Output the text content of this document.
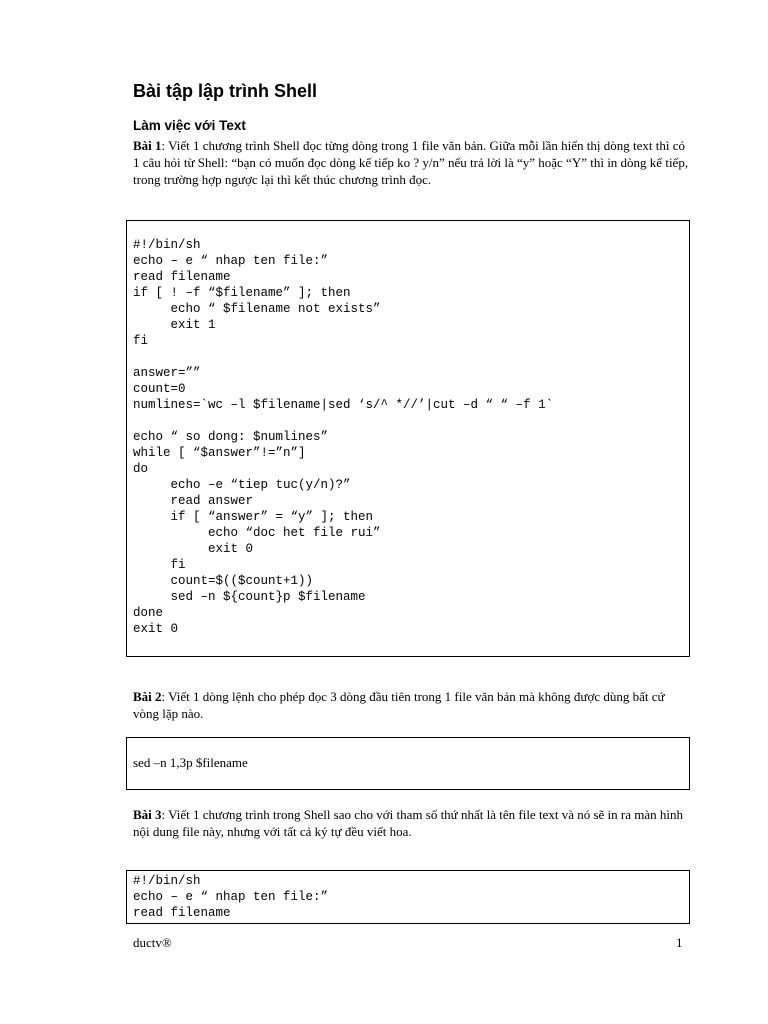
Bài tập lập trình Shell
Làm việc với Text

Bài 1: Viết 1 chương trình Shell đọc từng dòng trong 1 file văn bản. Giữa mỗi lần hiển thị dòng text thì có 1 câu hỏi từ Shell: “bạn có muốn đọc dòng kế tiếp ko ? y/n” nếu trả lời là “y” hoặc “Y” thì in dòng kế tiếp, trong trường hợp ngược lại thì kết thúc chương trình đọc.

#!/bin/sh
echo – e “ nhap ten file:”
read filename
if [ ! –f “$filename” ]; then
echo “ $filename not exists”
exit 1
fi

answer=””
count=0
numlines=`wc –l $filename|sed ‘s/^ *//’|cut –d “ “ –f 1`

echo “ so dong: $numlines”
while [ “$answer”!=”n”]
do
echo –e “tiep tuc(y/n)?”
read answer
if [ “answer” = “y” ]; then
echo “doc het file rui”
exit 0
fi
count=$(($count+1))
sed –n ${count}p $filename
done
exit 0

Bài 2: Viết 1 dòng lệnh cho phép đọc 3 dòng đầu tiên trong 1 file văn bản mà không được dùng bất cứ vòng lặp nào.

sed –n 1,3p $filename

Bài 3: Viết 1 chương trình trong Shell sao cho với tham số thứ nhất là tên file text và nó sẽ in ra màn hình nội dung file này, nhưng với tất cả ký tự đều viết hoa.

#!/bin/sh
echo – e “ nhap ten file:”
read filename
ductv®	1
